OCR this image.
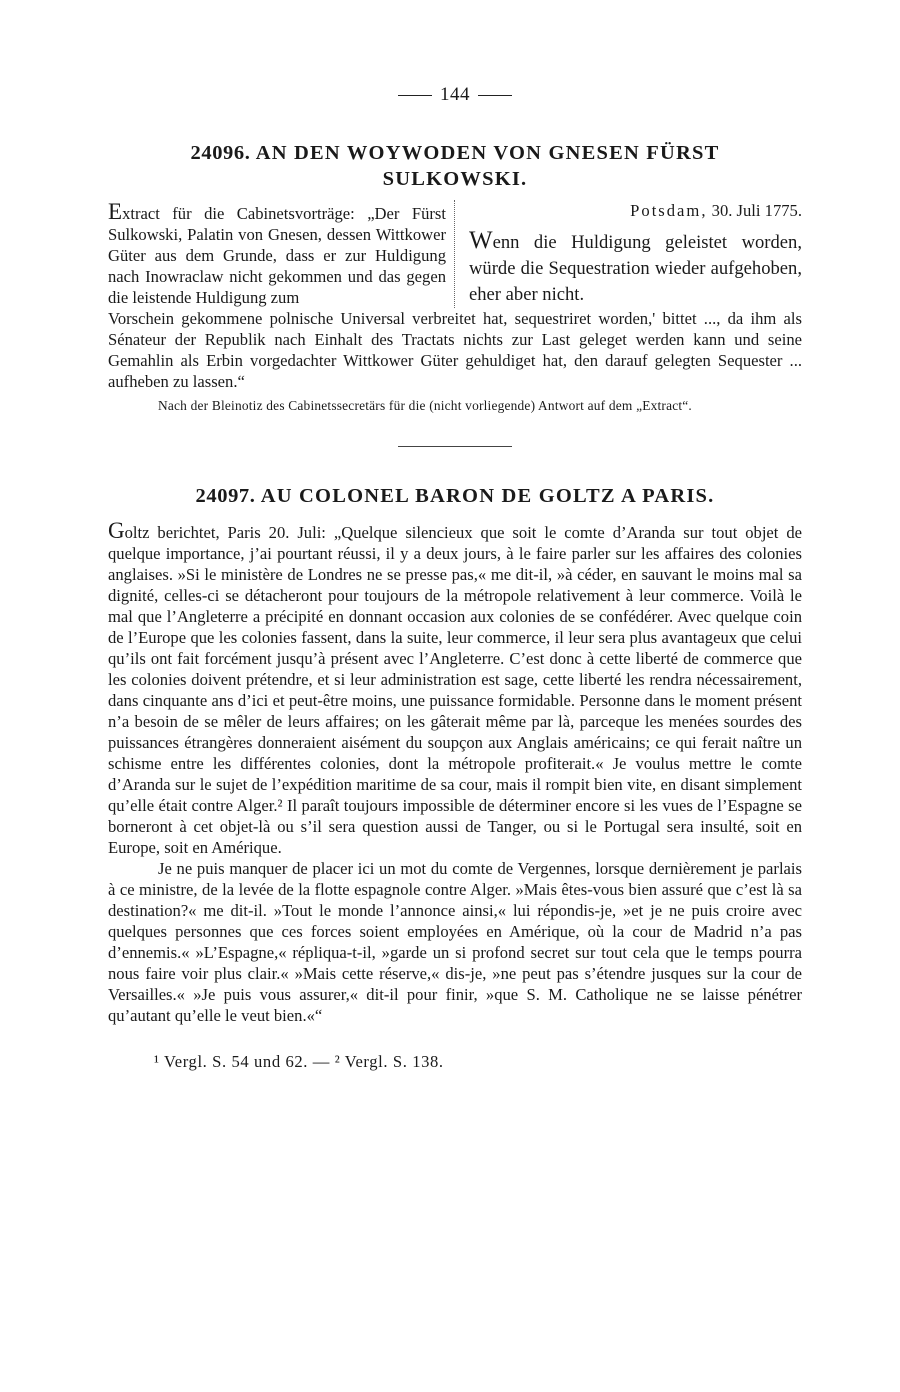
144
24096. AN DEN WOYWODEN VON GNESEN FÜRST
SULKOWSKI.

Extract für die Cabinetsvorträge: „Der Fürst Sulkowski, Palatin von Gnesen, dessen Wittkower Güter aus dem Grunde, dass er zur Huldigung nach Inowraclaw nicht gekommen und das gegen die leistende Huldigung zum

Potsdam, 30. Juli 1775.

Wenn die Huldigung geleistet worden, würde die Sequestration wieder aufgehoben, eher aber nicht.

Vorschein gekommene polnische Universal verbreitet hat, sequestriret worden,' bittet ..., da ihm als Sénateur der Republik nach Einhalt des Tractats nichts zur Last geleget werden kann und seine Gemahlin als Erbin vorgedachter Wittkower Güter gehuldiget hat, den darauf gelegten Sequester ... aufheben zu lassen.“

Nach der Bleinotiz des Cabinetssecretärs für die (nicht vorliegende) Antwort auf dem „Extract“.

24097. AU COLONEL BARON DE GOLTZ A PARIS.

Goltz berichtet, Paris 20. Juli: „Quelque silencieux que soit le comte d’Aranda sur tout objet de quelque importance, j’ai pourtant réussi, il y a deux jours, à le faire parler sur les affaires des colonies anglaises. »Si le ministère de Londres ne se presse pas,« me dit-il, »à céder, en sauvant le moins mal sa dignité, celles-ci se détacheront pour toujours de la métropole relativement à leur commerce. Voilà le mal que l’Angleterre a précipité en donnant occasion aux colonies de se confédérer. Avec quelque coin de l’Europe que les colonies fassent, dans la suite, leur commerce, il leur sera plus avantageux que celui qu’ils ont fait forcément jusqu’à présent avec l’Angleterre. C’est donc à cette liberté de commerce que les colonies doivent prétendre, et si leur administration est sage, cette liberté les rendra nécessairement, dans cinquante ans d’ici et peut-être moins, une puissance formidable. Personne dans le moment présent n’a besoin de se mêler de leurs affaires; on les gâterait même par là, parceque les menées sourdes des puissances étrangères donneraient aisément du soupçon aux Anglais américains; ce qui ferait naître un schisme entre les différentes colonies, dont la métropole profiterait.« Je voulus mettre le comte d’Aranda sur le sujet de l’expédition maritime de sa cour, mais il rompit bien vite, en disant simplement qu’elle était contre Alger.² Il paraît toujours impossible de déterminer encore si les vues de l’Espagne se borneront à cet objet-là ou s’il sera question aussi de Tanger, ou si le Portugal sera insulté, soit en Europe, soit en Amérique.

Je ne puis manquer de placer ici un mot du comte de Vergennes, lorsque dernièrement je parlais à ce ministre, de la levée de la flotte espagnole contre Alger. »Mais êtes-vous bien assuré que c’est là sa destination?« me dit-il. »Tout le monde l’annonce ainsi,« lui répondis-je, »et je ne puis croire avec quelques personnes que ces forces soient employées en Amérique, où la cour de Madrid n’a pas d’ennemis.« »L’Espagne,« répliqua-t-il, »garde un si profond secret sur tout cela que le temps pourra nous faire voir plus clair.« »Mais cette réserve,« dis-je, »ne peut pas s’étendre jusques sur la cour de Versailles.« »Je puis vous assurer,« dit-il pour finir, »que S. M. Catholique ne se laisse pénétrer qu’autant qu’elle le veut bien.«“

¹ Vergl. S. 54 und 62. — ² Vergl. S. 138.
